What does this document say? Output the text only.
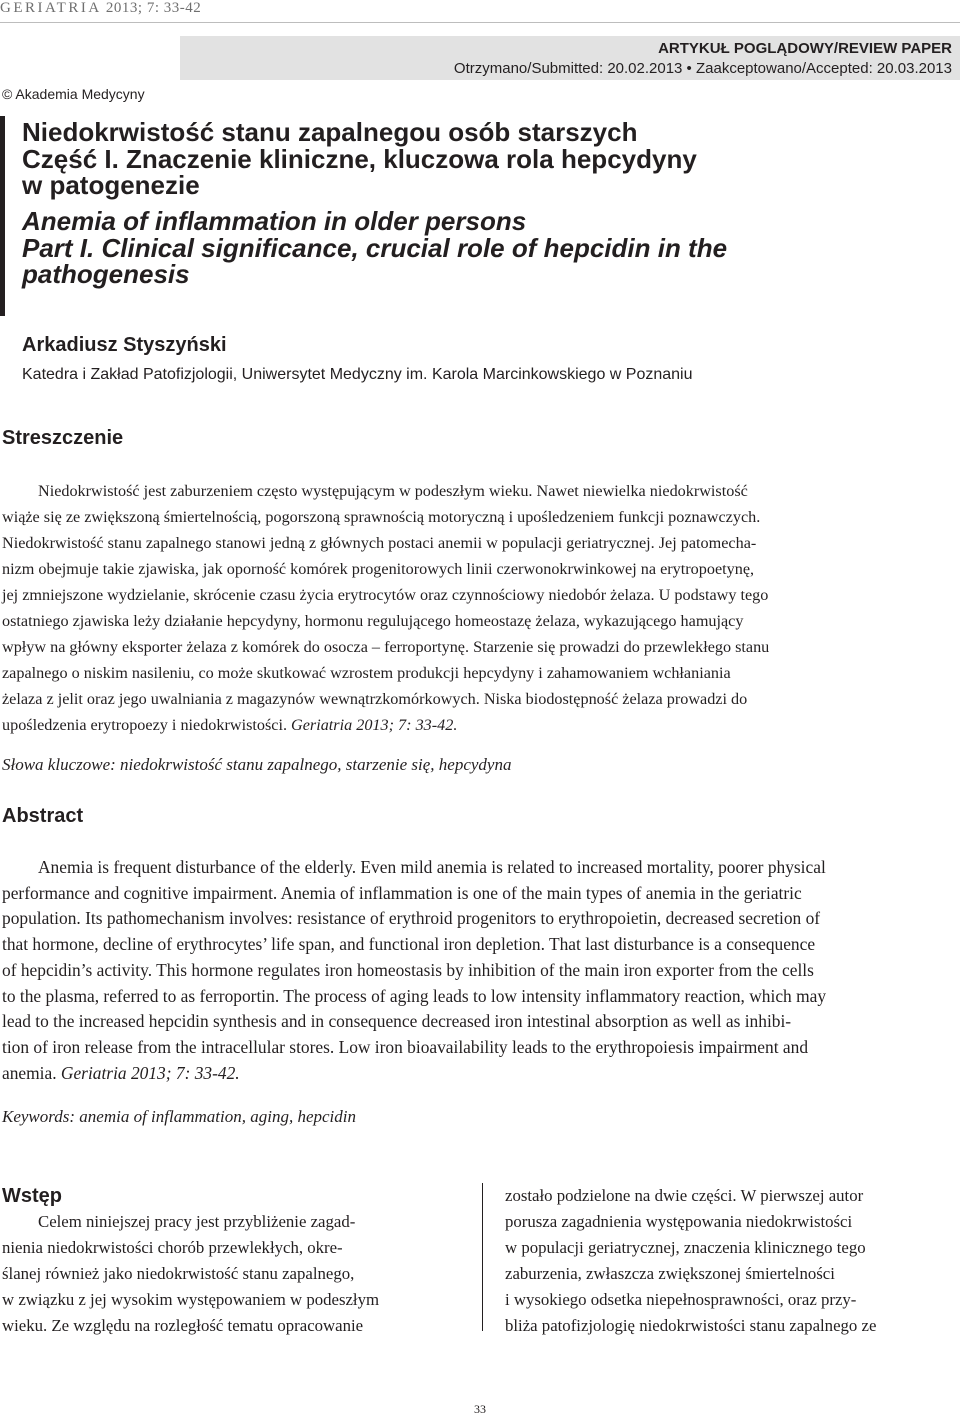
GERIATRIA 2013; 7: 33-42
ARTYKUŁ POGLĄDOWY/REVIEW PAPER
Otrzymano/Submitted: 20.02.2013 • Zaakceptowano/Accepted: 20.03.2013
© Akademia Medycyny
Niedokrwistość stanu zapalnegou osób starszych
Część I. Znaczenie kliniczne, kluczowa rola hepcydyny
w patogenezie
Anemia of inflammation in older persons
Part I. Clinical significance, crucial role of hepcidin in the
pathogenesis
Arkadiusz Styszyński
Katedra i Zakład Patofizjologii, Uniwersytet Medyczny im. Karola Marcinkowskiego w Poznaniu
Streszczenie
Niedokrwistość jest zaburzeniem często występującym w podeszłym wieku. Nawet niewielka niedokrwistość
wiąże się ze zwiększoną śmiertelnością, pogorszoną sprawnością motoryczną i upośledzeniem funkcji poznawczych.
Niedokrwistość stanu zapalnego stanowi jedną z głównych postaci anemii w populacji geriatrycznej. Jej patomecha-
nizm obejmuje takie zjawiska, jak oporność komórek progenitorowych linii czerwonokrwinkowej na erytropoetynę,
jej zmniejszone wydzielanie, skrócenie czasu życia erytrocytów oraz czynnościowy niedobór żelaza. U podstawy tego
ostatniego zjawiska leży działanie hepcydyny, hormonu regulującego homeostazę żelaza, wykazującego hamujący
wpływ na główny eksporter żelaza z komórek do osocza – ferroportynę. Starzenie się prowadzi do przewlekłego stanu
zapalnego o niskim nasileniu, co może skutkować wzrostem produkcji hepcydyny i zahamowaniem wchłaniania
żelaza z jelit oraz jego uwalniania z magazynów wewnątrzkomórkowych. Niska biodostępność żelaza prowadzi do
upośledzenia erytropoezy i niedokrwistości. Geriatria 2013; 7: 33-42.
Słowa kluczowe: niedokrwistość stanu zapalnego, starzenie się, hepcydyna
Abstract
Anemia is frequent disturbance of the elderly. Even mild anemia is related to increased mortality, poorer physical
performance and cognitive impairment. Anemia of inflammation is one of the main types of anemia in the geriatric
population. Its pathomechanism involves: resistance of erythroid progenitors to erythropoietin, decreased secretion of
that hormone, decline of erythrocytes’ life span, and functional iron depletion. That last disturbance is a consequence
of hepcidin’s activity. This hormone regulates iron homeostasis by inhibition of the main iron exporter from the cells
to the plasma, referred to as ferroportin. The process of aging leads to low intensity inflammatory reaction, which may
lead to the increased hepcidin synthesis and in consequence decreased iron intestinal absorption as well as inhibi-
tion of iron release from the intracellular stores. Low iron bioavailability leads to the erythropoiesis impairment and
anemia. Geriatria 2013; 7: 33-42.
Keywords: anemia of inflammation, aging, hepcidin
Wstęp
Celem niniejszej pracy jest przybliżenie zagad-
nienia niedokrwistości chorób przewlekłych, okre-
ślanej również jako niedokrwistość stanu zapalnego,
w związku z jej wysokim występowaniem w podeszłym
wieku. Ze względu na rozległość tematu opracowanie
zostało podzielone na dwie części. W pierwszej autor
porusza zagadnienia występowania niedokrwistości
w populacji geriatrycznej, znaczenia klinicznego tego
zaburzenia, zwłaszcza zwiększonej śmiertelności
i wysokiego odsetka niepełnosprawności, oraz przy-
bliża patofizjologię niedokrwistości stanu zapalnego ze
33
